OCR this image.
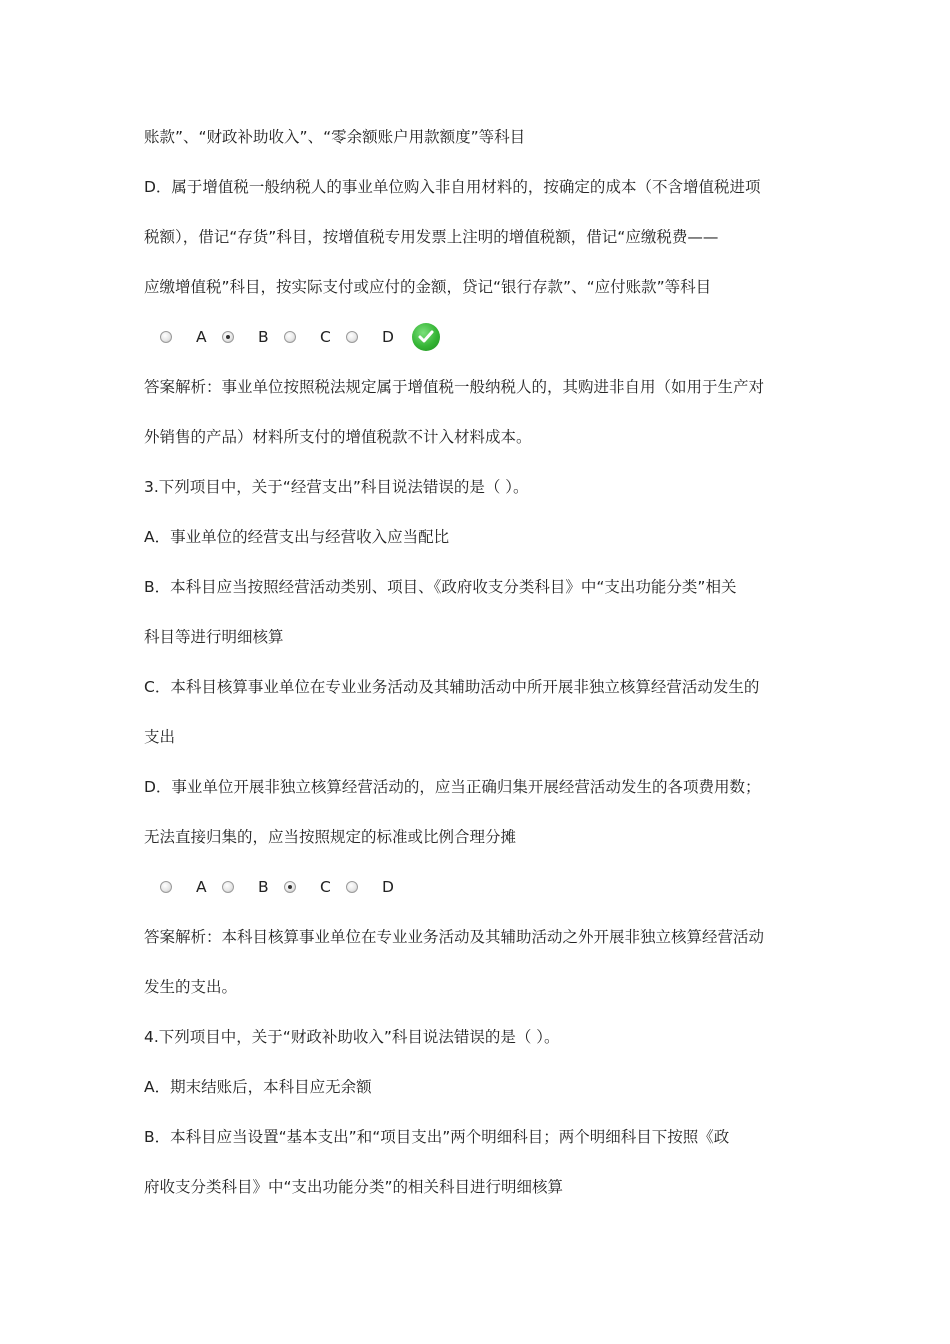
账款”、“财政补助收入”、“零余额账户用款额度”等科目
D．属于增值税一般纳税人的事业单位购入非自用材料的，按确定的成本（不含增值税进项
税额），借记“存货”科目，按增值税专用发票上注明的增值税额，借记“应缴税费——
应缴增值税”科目，按实际支付或应付的金额，贷记“银行存款”、“应付账款”等科目
A	B	C	D
答案解析：事业单位按照税法规定属于增值税一般纳税人的，其购进非自用（如用于生产对
外销售的产品）材料所支付的增值税款不计入材料成本。
3.下列项目中，关于“经营支出”科目说法错误的是（ ）。
A．事业单位的经营支出与经营收入应当配比
B．本科目应当按照经营活动类别、项目、《政府收支分类科目》中“支出功能分类”相关
科目等进行明细核算
C．本科目核算事业单位在专业业务活动及其辅助活动中所开展非独立核算经营活动发生的
支出
D．事业单位开展非独立核算经营活动的，应当正确归集开展经营活动发生的各项费用数；
无法直接归集的，应当按照规定的标准或比例合理分摊
A	B	C	D
答案解析：本科目核算事业单位在专业业务活动及其辅助活动之外开展非独立核算经营活动
发生的支出。
4.下列项目中，关于“财政补助收入”科目说法错误的是（ ）。
A．期末结账后，本科目应无余额
B．本科目应当设置“基本支出”和“项目支出”两个明细科目；两个明细科目下按照《政
府收支分类科目》中“支出功能分类”的相关科目进行明细核算
